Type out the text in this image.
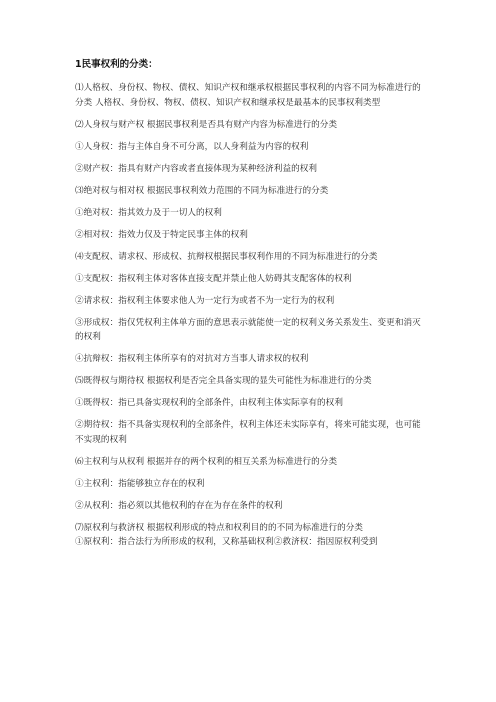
1民事权利的分类：

⑴人格权、身份权、物权、债权、知识产权和继承权根据民事权利的内容不同为标准进行的分类 人格权、身份权、物权、债权、知识产权和继承权是最基本的民事权利类型

⑵人身权与财产权 根据民事权利是否具有财产内容为标准进行的分类

①人身权：指与主体自身不可分离，以人身利益为内容的权利

②财产权：指具有财产内容或者直接体现为某种经济利益的权利

⑶绝对权与相对权 根据民事权利效力范围的不同为标准进行的分类

①绝对权：指其效力及于一切人的权利

②相对权：指效力仅及于特定民事主体的权利

⑷支配权、请求权、形成权、抗辩权根据民事权利作用的不同为标准进行的分类

①支配权：指权利主体对客体直接支配并禁止他人妨碍其支配客体的权利

②请求权：指权利主体要求他人为一定行为或者不为一定行为的权利

③形成权：指仅凭权利主体单方面的意思表示就能使一定的权利义务关系发生、变更和消灭的权利

④抗辩权：指权利主体所享有的对抗对方当事人请求权的权利

⑸既得权与期待权 根据权利是否完全具备实现的显失可能性为标准进行的分类

①既得权：指已具备实现权利的全部条件，由权利主体实际享有的权利

②期待权：指不具备实现权利的全部条件，权利主体还未实际享有，将来可能实现，也可能不实现的权利

⑹主权利与从权利 根据并存的两个权利的相互关系为标准进行的分类

①主权利：指能够独立存在的权利

②从权利：指必须以其他权利的存在为存在条件的权利

⑺原权利与救济权 根据权利形成的特点和权利目的的不同为标准进行的分类

①原权利：指合法行为所形成的权利，又称基础权利②救济权：指因原权利受到
